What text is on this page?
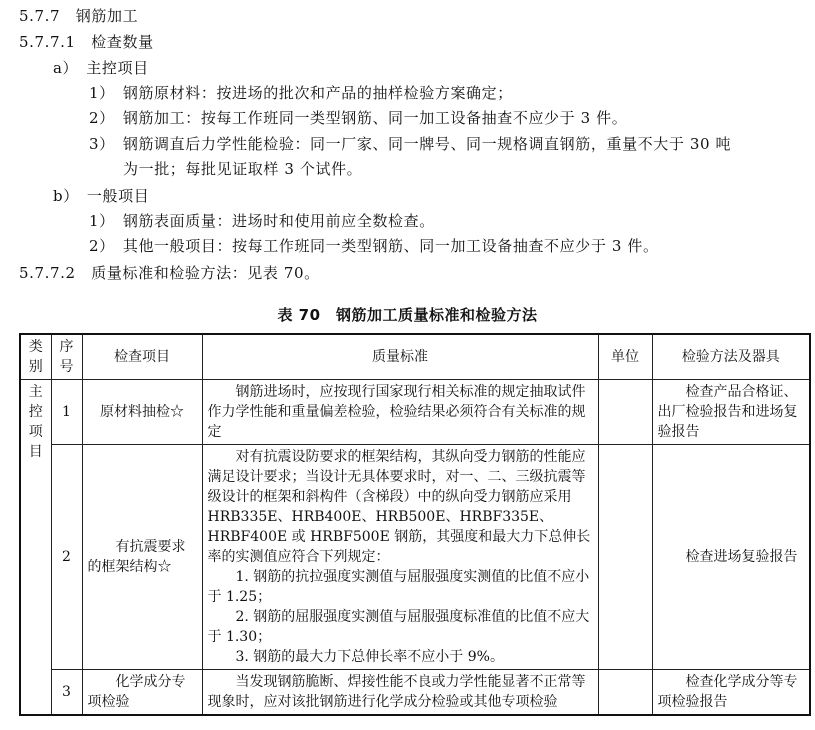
5.7.7　 钢筋加工
5.7.7.1　 检查数量
a）　 主控项目
1）　 钢筋原材料：按进场的批次和产品的抽样检验方案确定；
2）　 钢筋加工：按每工作班同一类型钢筋、同一加工设备抽查不应少于 3 件。
3）　 钢筋调直后力学性能检验：同一厂家、同一牌号、同一规格调直钢筋，重量不大于 30 吨
为一批；每批见证取样 3 个试件。
b）　 一般项目
1）　 钢筋表面质量：进场时和使用前应全数检查。
2）　 其他一般项目：按每工作班同一类型钢筋、同一加工设备抽查不应少于 3 件。
5.7.7.2　 质量标准和检验方法：见表 70。
表 70　钢筋加工质量标准和检验方法
类别	序号	检查项目	质量标准	单位	检验方法及器具
主控项目	1	原材料抽检☆	钢筋进场时，应按现行国家现行相关标准的规定抽取试件作力学性能和重量偏差检验，检验结果必须符合有关标准的规定		检查产品合格证、出厂检验报告和进场复验报告
	2	有抗震要求的框架结构☆	对有抗震设防要求的框架结构，其纵向受力钢筋的性能应满足设计要求；当设计无具体要求时，对一、二、三级抗震等级设计的框架和斜构件（含梯段）中的纵向受力钢筋应采用 HRB335E、HRB400E、HRB500E、HRBF335E、HRBF400E 或 HRBF500E 钢筋，其强度和最大力下总伸长率的实测值应符合下列规定：
1. 钢筋的抗拉强度实测值与屈服强度实测值的比值不应小于 1.25；
2. 钢筋的屈服强度实测值与屈服强度标准值的比值不应大于 1.30；
3. 钢筋的最大力下总伸长率不应小于 9%。		检查进场复验报告
	3	化学成分专项检验	当发现钢筋脆断、焊接性能不良或力学性能显著不正常等现象时，应对该批钢筋进行化学成分检验或其他专项检验		检查化学成分等专项检验报告
